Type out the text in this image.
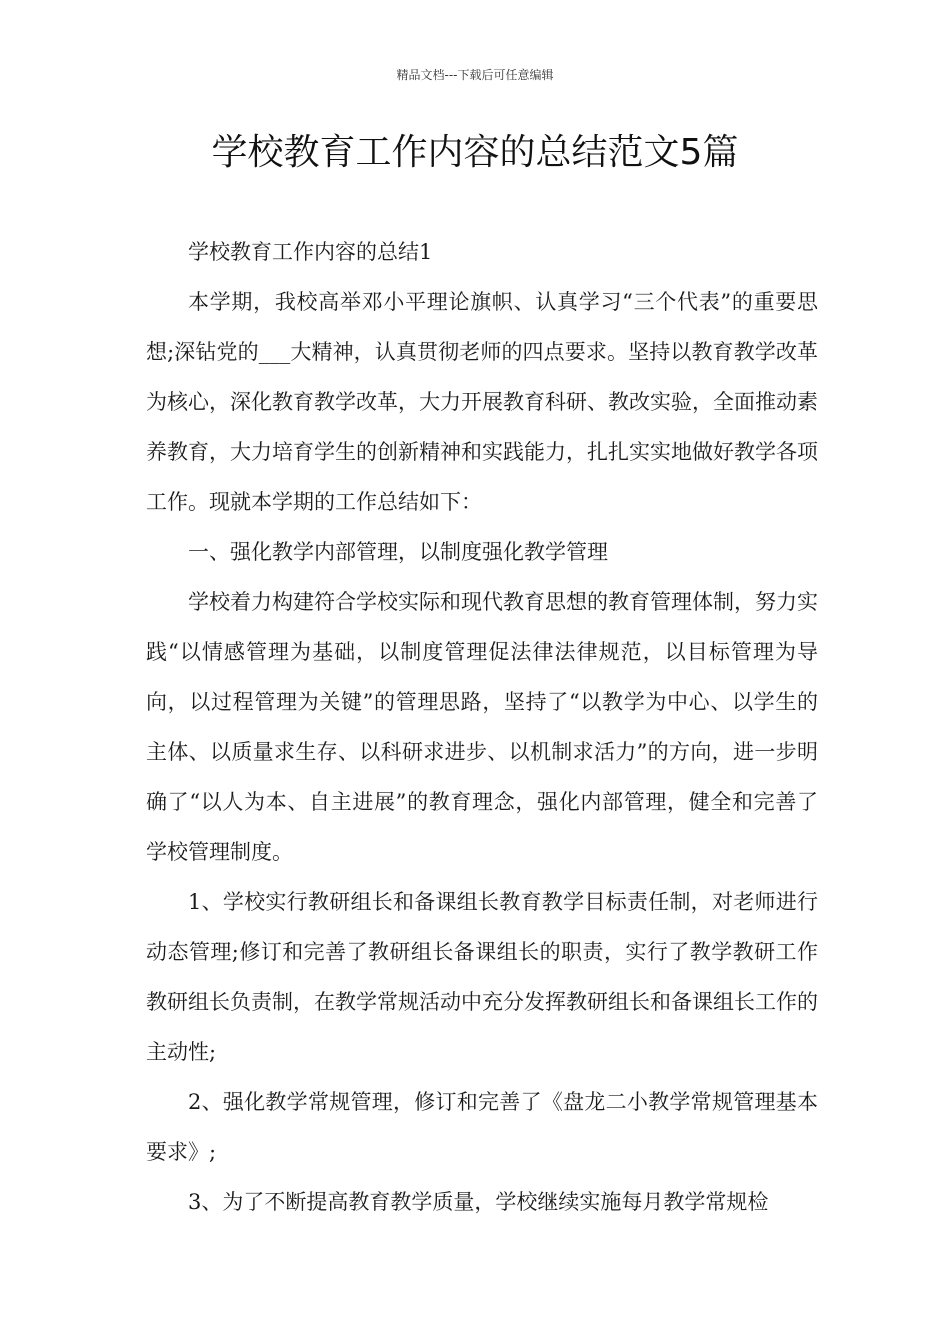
精品文档---下载后可任意编辑
学校教育工作内容的总结范文5篇

学校教育工作内容的总结1

本学期，我校高举邓小平理论旗帜、认真学习“三个代表”的重要思想;深钻党的___大精神，认真贯彻老师的四点要求。坚持以教育教学改革为核心，深化教育教学改革，大力开展教育科研、教改实验，全面推动素养教育，大力培育学生的创新精神和实践能力，扎扎实实地做好教学各项工作。现就本学期的工作总结如下：

一、强化教学内部管理，以制度强化教学管理

学校着力构建符合学校实际和现代教育思想的教育管理体制，努力实践“以情感管理为基础，以制度管理促法律法律规范，以目标管理为导向，以过程管理为关键”的管理思路，坚持了“以教学为中心、以学生的主体、以质量求生存、以科研求进步、以机制求活力”的方向，进一步明确了“以人为本、自主进展”的教育理念，强化内部管理，健全和完善了学校管理制度。

1、学校实行教研组长和备课组长教育教学目标责任制，对老师进行动态管理;修订和完善了教研组长备课组长的职责，实行了教学教研工作教研组长负责制，在教学常规活动中充分发挥教研组长和备课组长工作的主动性;

2、强化教学常规管理，修订和完善了《盘龙二小教学常规管理基本要求》;

3、为了不断提高教育教学质量，学校继续实施每月教学常规检
